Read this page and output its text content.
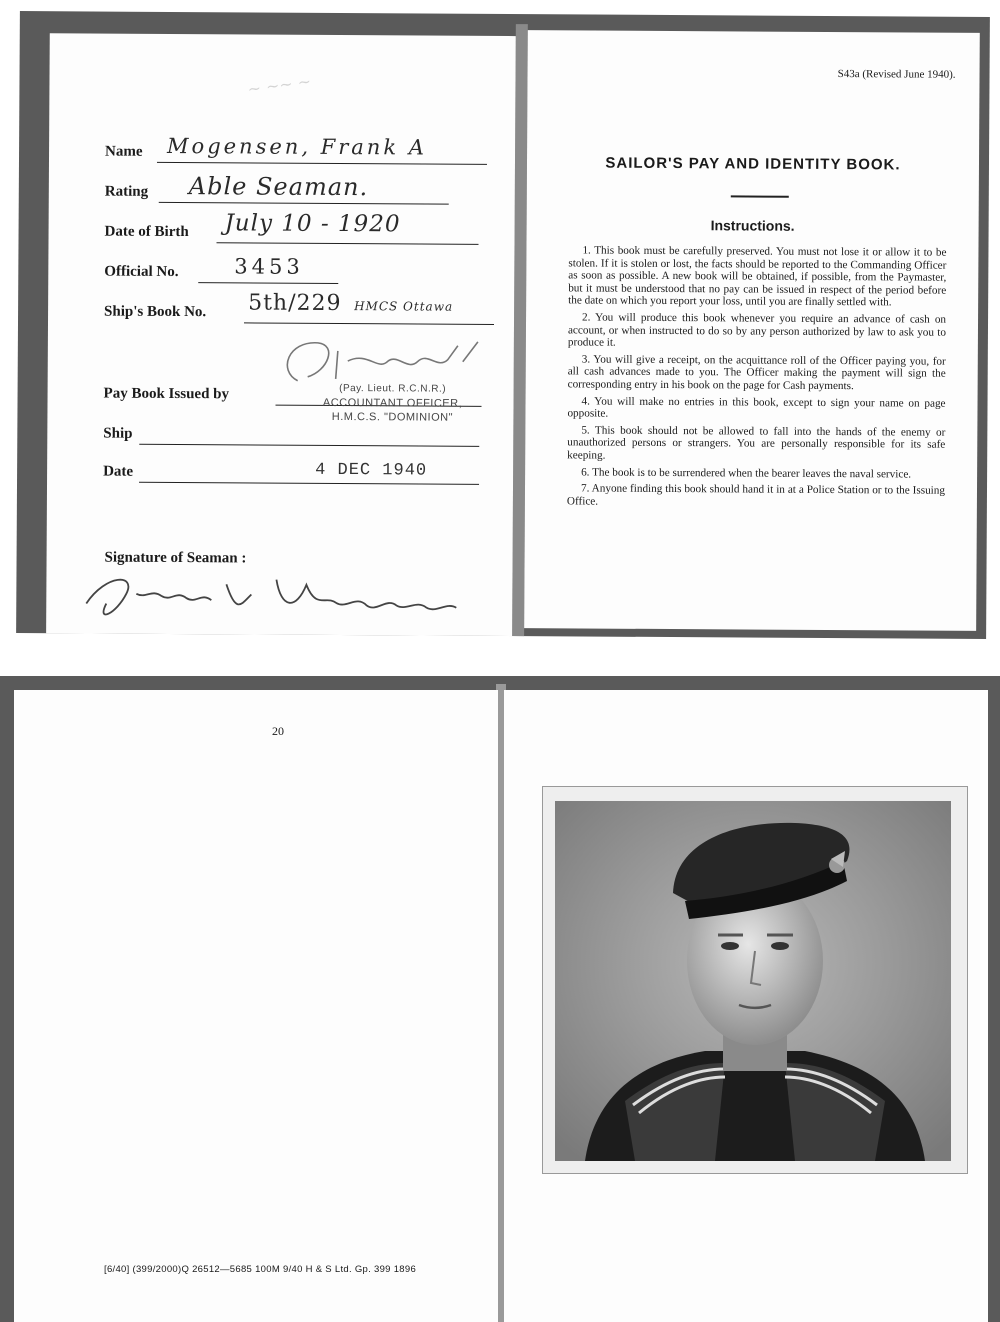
~ ~~ ~
Name Mogensen, Frank A
Rating Able Seaman.
Date of Birth July 10 - 1920
Official No.	3453
Ship's Book No. 5th/229 HMCS Ottawa
Pay Book Issued by	(Pay. Lieut. R.C.N.R.)
ACCOUNTANT OFFICER,
H.M.C.S. "DOMINION"
Ship
Date	4 DEC 1940
Signature of Seaman :
S43a (Revised June 1940).
SAILOR'S PAY AND IDENTITY BOOK.
Instructions.

1. This book must be carefully preserved. You must not lose it or allow it to be stolen. If it is stolen or lost, the facts should be reported to the Commanding Officer as soon as possible. A new book will be obtained, if possible, from the Paymaster, but it must be understood that no pay can be issued in respect of the period before the date on which you report your loss, until you are finally settled with.

2. You will produce this book whenever you require an advance of cash on account, or when instructed to do so by any person authorized by law to ask you to produce it.

3. You will give a receipt, on the acquittance roll of the Officer paying you, for all cash advances made to you. The Officer making the payment will sign the corresponding entry in his book on the page for Cash payments.

4. You will make no entries in this book, except to sign your name on page opposite.

5. This book should not be allowed to fall into the hands of the enemy or unauthorized persons or strangers. You are personally responsible for its safe keeping.

6. The book is to be surrendered when the bearer leaves the naval service.

7. Anyone finding this book should hand it in at a Police Station or to the Issuing Office.

20
[6/40] (399/2000)Q 26512—5685 100M 9/40 H & S Ltd. Gp. 399 1896
